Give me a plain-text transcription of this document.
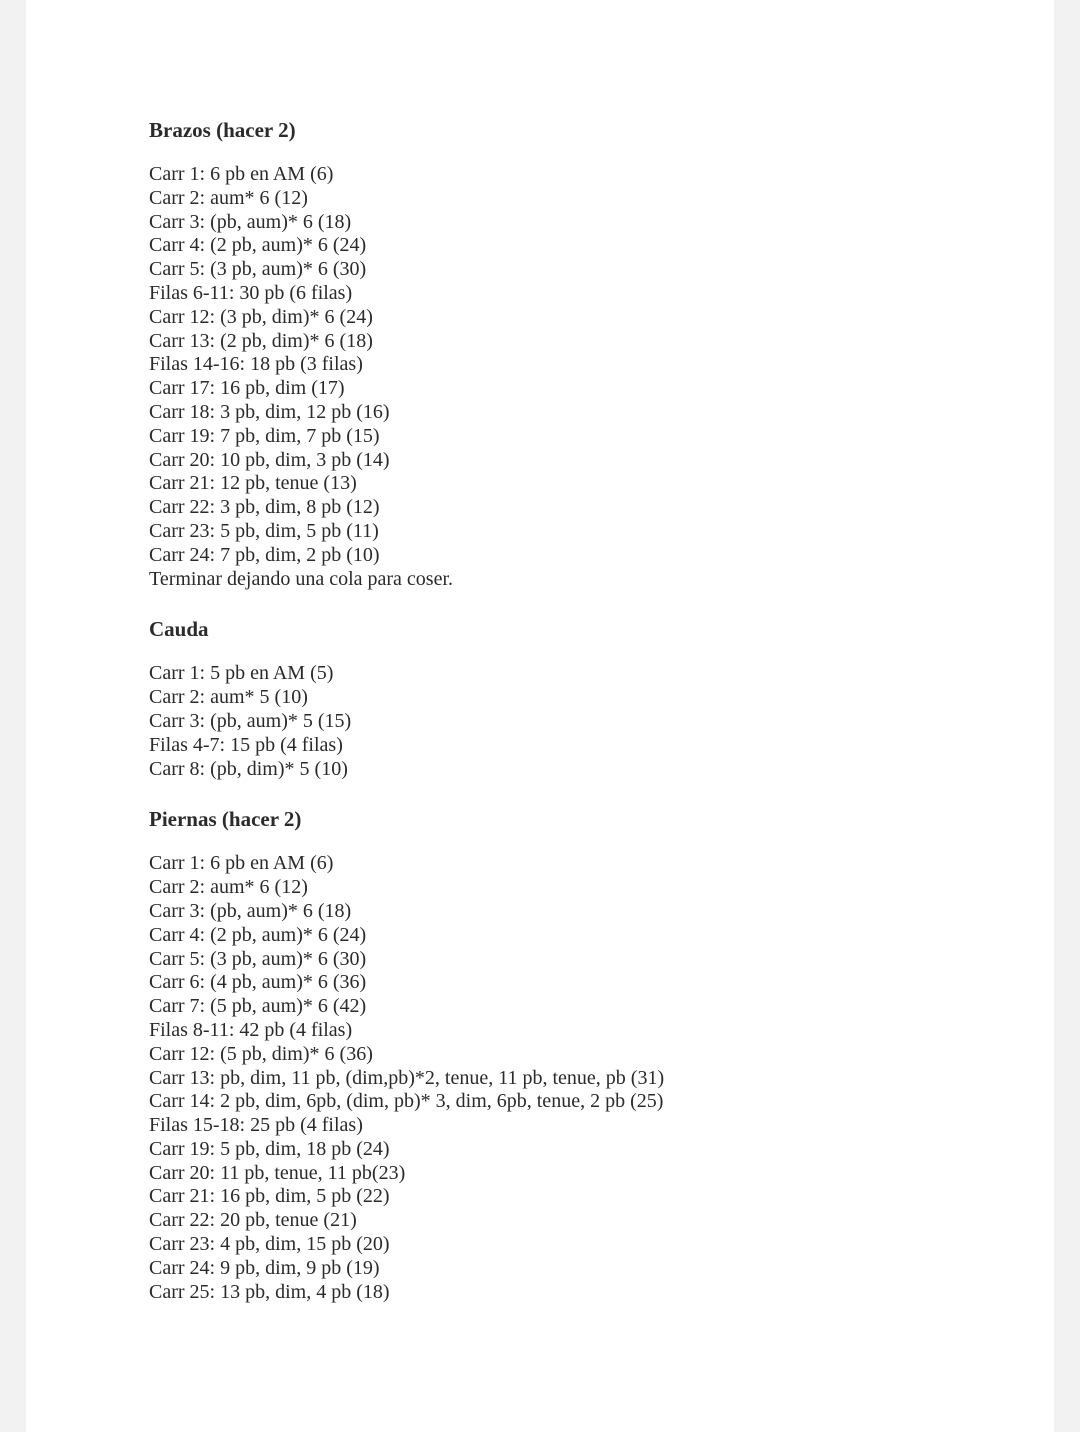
Brazos (hacer 2)
Carr 1: 6 pb en AM (6)
Carr 2: aum* 6 (12)
Carr 3: (pb, aum)* 6 (18)
Carr 4: (2 pb, aum)* 6 (24)
Carr 5: (3 pb, aum)* 6 (30)
Filas 6-11: 30 pb (6 filas)
Carr 12: (3 pb, dim)* 6 (24)
Carr 13: (2 pb, dim)* 6 (18)
Filas 14-16: 18 pb (3 filas)
Carr 17: 16 pb, dim (17)
Carr 18: 3 pb, dim, 12 pb (16)
Carr 19: 7 pb, dim, 7 pb (15)
Carr 20: 10 pb, dim, 3 pb (14)
Carr 21: 12 pb, tenue (13)
Carr 22: 3 pb, dim, 8 pb (12)
Carr 23: 5 pb, dim, 5 pb (11)
Carr 24: 7 pb, dim, 2 pb (10)
Terminar dejando una cola para coser.
Cauda
Carr 1: 5 pb en AM (5)
Carr 2: aum* 5 (10)
Carr 3: (pb, aum)* 5 (15)
Filas 4-7: 15 pb (4 filas)
Carr 8: (pb, dim)* 5 (10)
Piernas (hacer 2)
Carr 1: 6 pb en AM (6)
Carr 2: aum* 6 (12)
Carr 3: (pb, aum)* 6 (18)
Carr 4: (2 pb, aum)* 6 (24)
Carr 5: (3 pb, aum)* 6 (30)
Carr 6: (4 pb, aum)* 6 (36)
Carr 7: (5 pb, aum)* 6 (42)
Filas 8-11: 42 pb (4 filas)
Carr 12: (5 pb, dim)* 6 (36)
Carr 13: pb, dim, 11 pb, (dim,pb)*2, tenue, 11 pb, tenue, pb (31)
Carr 14: 2 pb, dim, 6pb, (dim, pb)* 3, dim, 6pb, tenue, 2 pb (25)
Filas 15-18: 25 pb (4 filas)
Carr 19: 5 pb, dim, 18 pb (24)
Carr 20: 11 pb, tenue, 11 pb(23)
Carr 21: 16 pb, dim, 5 pb (22)
Carr 22: 20 pb, tenue (21)
Carr 23: 4 pb, dim, 15 pb (20)
Carr 24: 9 pb, dim, 9 pb (19)
Carr 25: 13 pb, dim, 4 pb (18)
